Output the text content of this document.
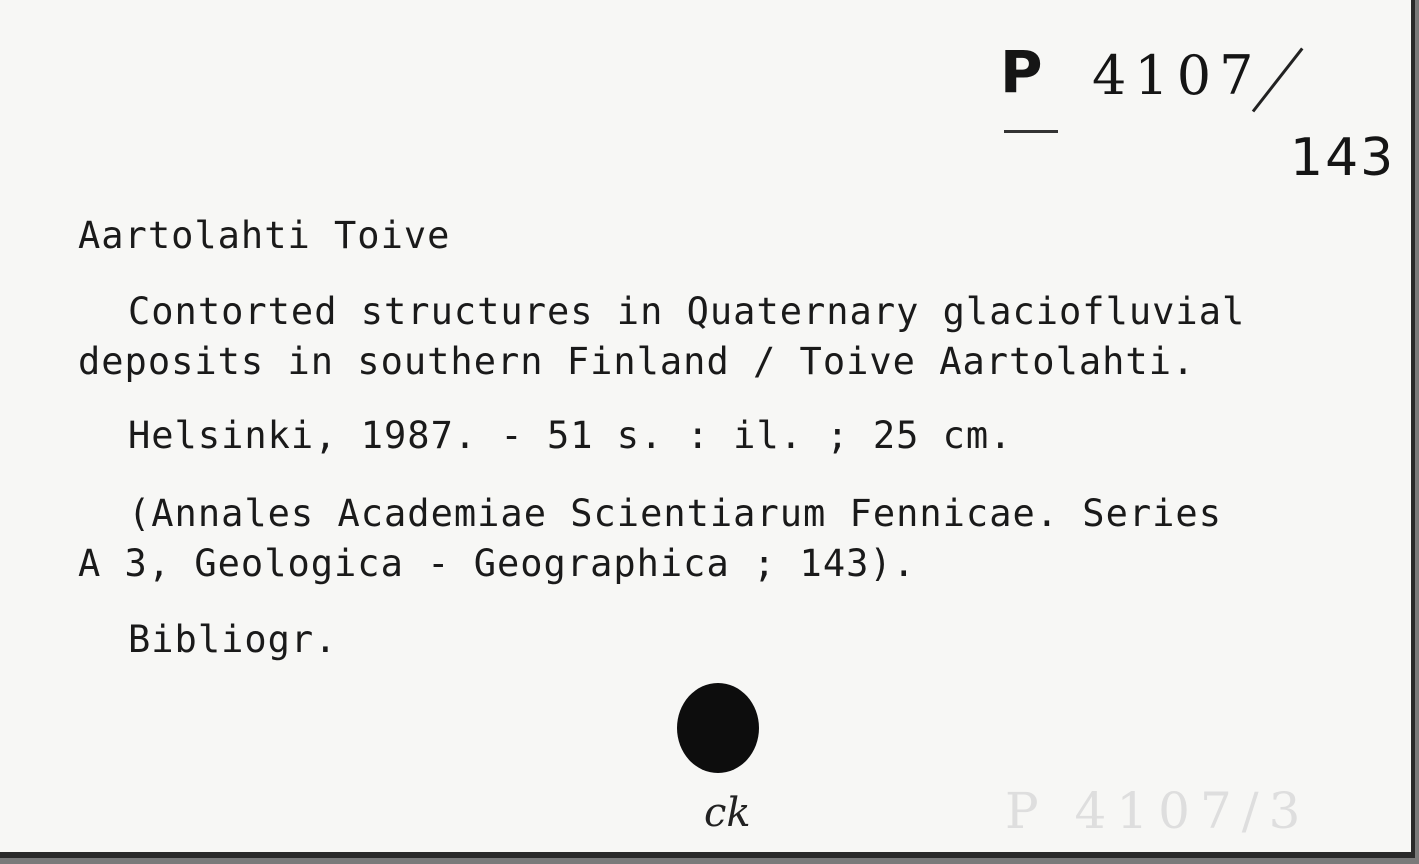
P 4107
143
Aartolahti Toive
Contorted structures in Quaternary glaciofluvial
deposits in southern Finland / Toive Aartolahti.
Helsinki, 1987. - 51 s. : il. ; 25 cm.
(Annales Academiae Scientiarum Fennicae. Series
A 3, Geologica - Geographica ; 143).
Bibliogr.
ck	P 4107/3
